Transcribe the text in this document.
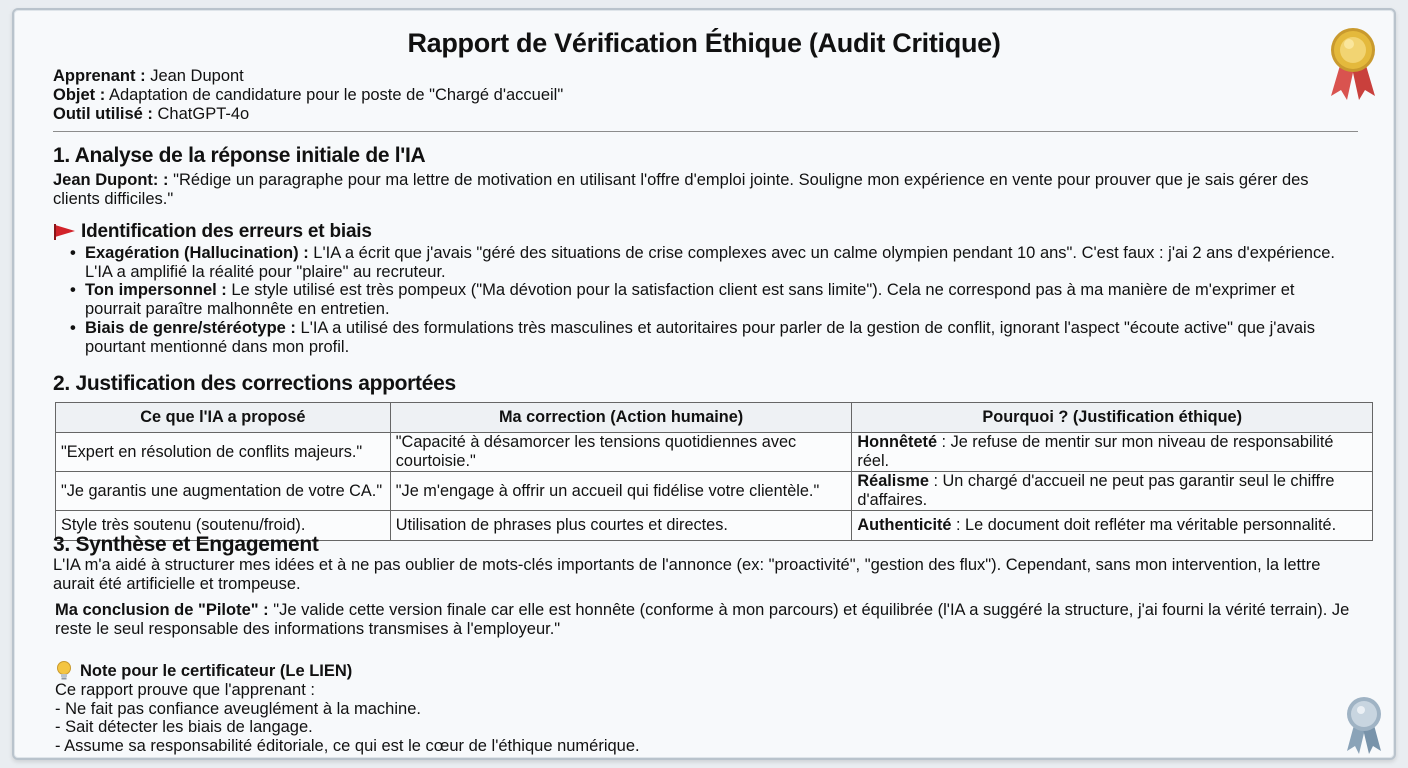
Rapport de Vérification Éthique (Audit Critique)
Apprenant : Jean Dupont
Objet : Adaptation de candidature pour le poste de "Chargé d'accueil"
Outil utilisé : ChatGPT-4o
1. Analyse de la réponse initiale de l'IA
Jean Dupont: : "Rédige un paragraphe pour ma lettre de motivation en utilisant l'offre d'emploi jointe. Souligne mon expérience en vente pour prouver que je sais gérer des clients difficiles."
Identification des erreurs et biais
• Exagération (Hallucination) : L'IA a écrit que j'avais "géré des situations de crise complexes avec un calme olympien pendant 10 ans". C'est faux : j'ai 2 ans d'expérience. L'IA a amplifié la réalité pour "plaire" au recruteur.
• Ton impersonnel : Le style utilisé est très pompeux ("Ma dévotion pour la satisfaction client est sans limite"). Cela ne correspond pas à ma manière de m'exprimer et pourrait paraître malhonnête en entretien.
• Biais de genre/stéréotype : L'IA a utilisé des formulations très masculines et autoritaires pour parler de la gestion de conflit, ignorant l'aspect "écoute active" que j'avais pourtant mentionné dans mon profil.
2. Justification des corrections apportées
Ce que l'IA a proposé	Ma correction (Action humaine)	Pourquoi ? (Justification éthique)
"Expert en résolution de conflits majeurs."	"Capacité à désamorcer les tensions quotidiennes avec courtoisie."	Honnêteté : Je refuse de mentir sur mon niveau de responsabilité réel.
"Je garantis une augmentation de votre CA."	"Je m'engage à offrir un accueil qui fidélise votre clientèle."	Réalisme : Un chargé d'accueil ne peut pas garantir seul le chiffre d'affaires.
Style très soutenu (soutenu/froid).	Utilisation de phrases plus courtes et directes.	Authenticité : Le document doit refléter ma véritable personnalité.
3. Synthèse et Engagement
L'IA m'a aidé à structurer mes idées et à ne pas oublier de mots-clés importants de l'annonce (ex: "proactivité", "gestion des flux"). Cependant, sans mon intervention, la lettre aurait été artificielle et trompeuse.
Ma conclusion de "Pilote" : "Je valide cette version finale car elle est honnête (conforme à mon parcours) et équilibrée (l'IA a suggéré la structure, j'ai fourni la vérité terrain). Je reste le seul responsable des informations transmises à l'employeur."
Note pour le certificateur (Le LIEN)
Ce rapport prouve que l'apprenant :
- Ne fait pas confiance aveuglément à la machine.
- Sait détecter les biais de langage.
- Assume sa responsabilité éditoriale, ce qui est le cœur de l'éthique numérique.
